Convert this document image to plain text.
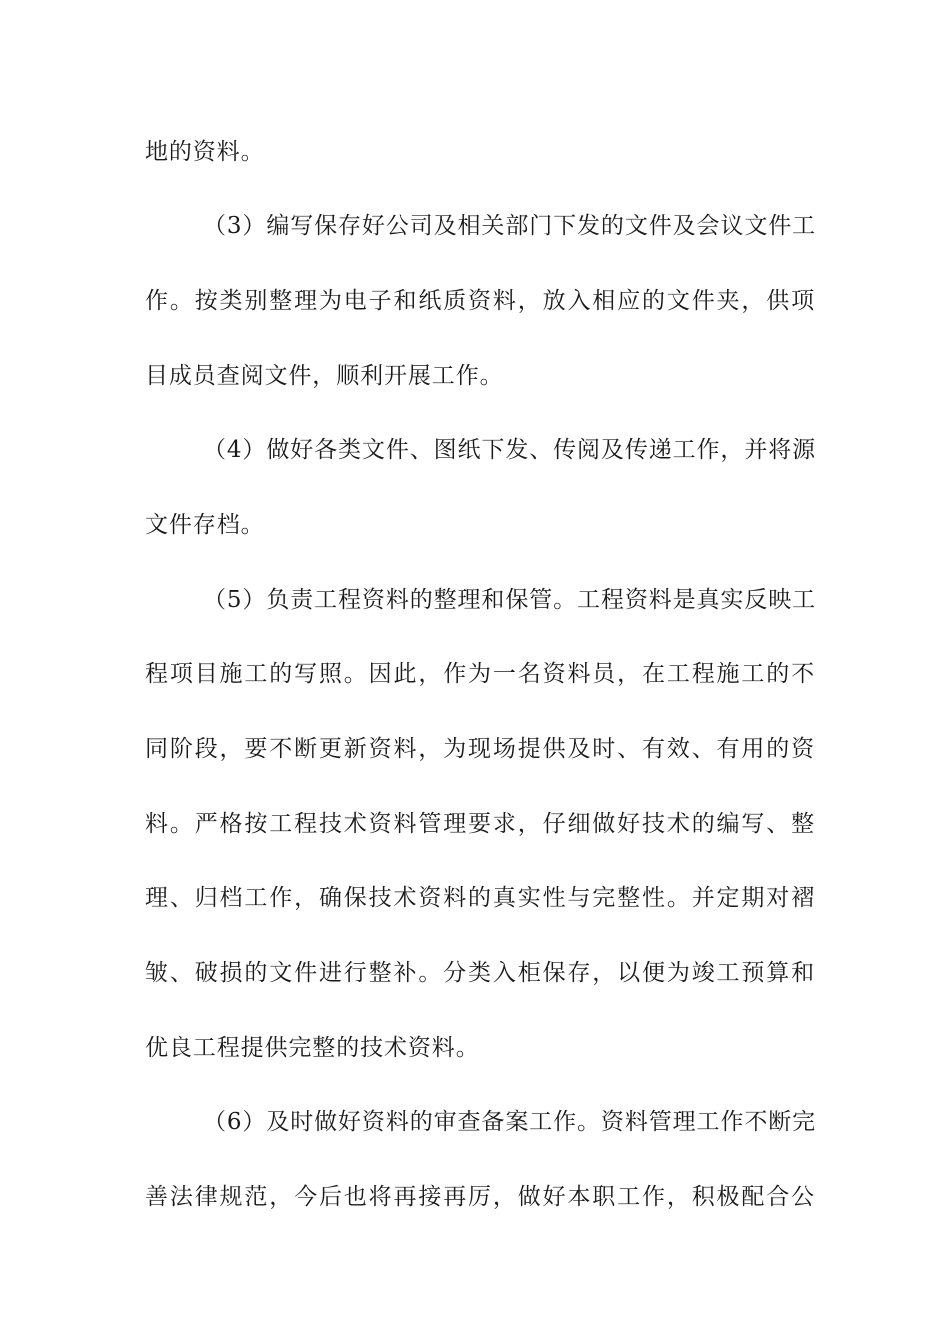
地的资料。
（3）编写保存好公司及相关部门下发的文件及会议文件工
作。按类别整理为电子和纸质资料，放入相应的文件夹，供项
目成员查阅文件，顺利开展工作。
（4）做好各类文件、图纸下发、传阅及传递工作，并将源
文件存档。
（5）负责工程资料的整理和保管。工程资料是真实反映工
程项目施工的写照。因此，作为一名资料员，在工程施工的不
同阶段，要不断更新资料，为现场提供及时、有效、有用的资
料。严格按工程技术资料管理要求，仔细做好技术的编写、整
理、归档工作，确保技术资料的真实性与完整性。并定期对褶
皱、破损的文件进行整补。分类入柜保存，以便为竣工预算和
优良工程提供完整的技术资料。
（6）及时做好资料的审查备案工作。资料管理工作不断完
善法律规范，今后也将再接再厉，做好本职工作，积极配合公
